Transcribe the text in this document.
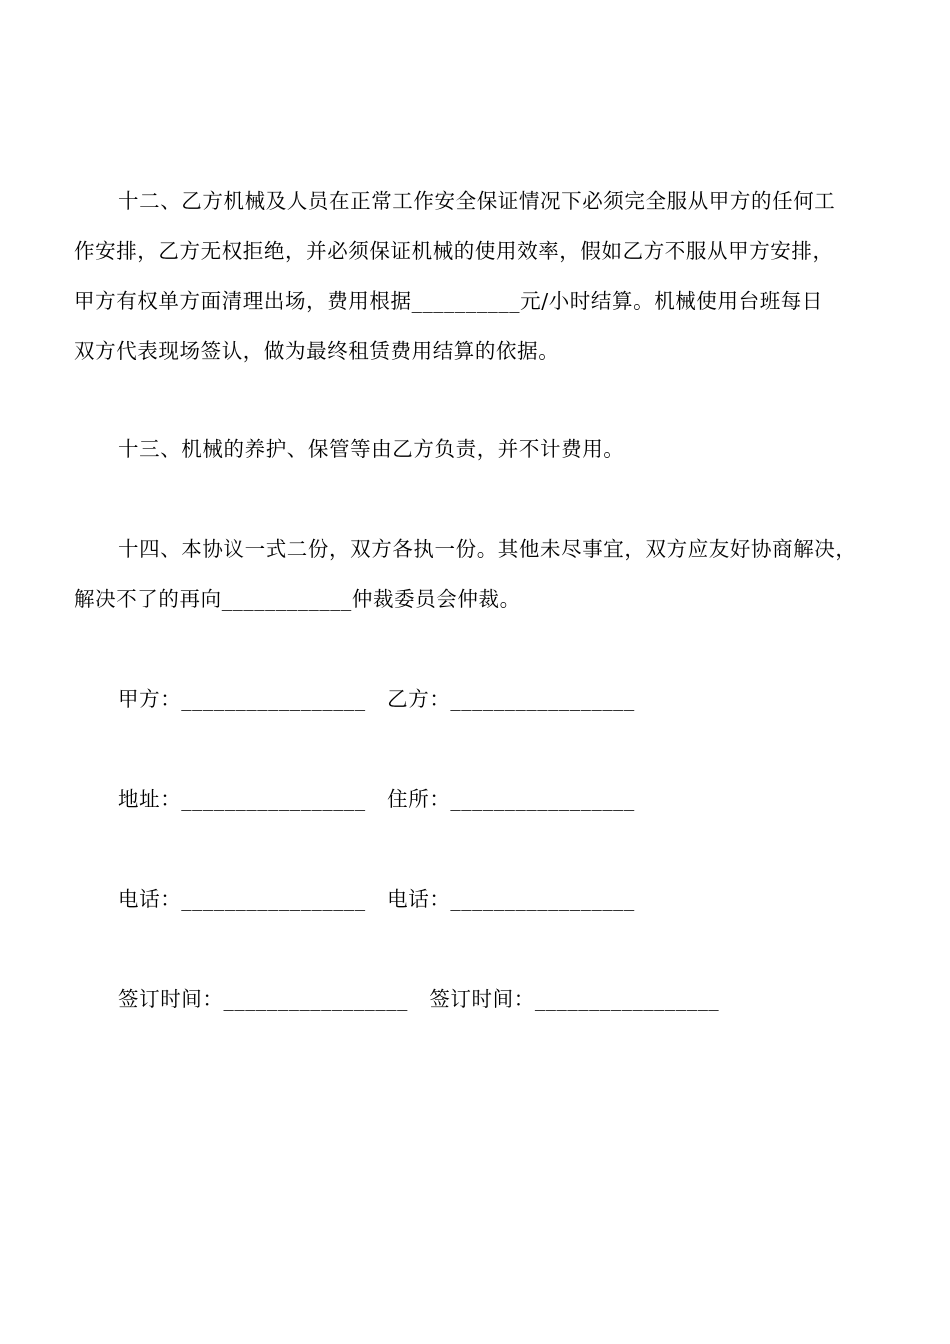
十二、乙方机械及人员在正常工作安全保证情况下必须完全服从甲方的任何工
作安排，乙方无权拒绝，并必须保证机械的使用效率，假如乙方不服从甲方安排，
甲方有权单方面清理出场，费用根据__________元/小时结算。机械使用台班每日
双方代表现场签认，做为最终租赁费用结算的依据。
十三、机械的养护、保管等由乙方负责，并不计费用。
十四、本协议一式二份，双方各执一份。其他未尽事宜，双方应友好协商解决，
解决不了的再向____________仲裁委员会仲裁。
甲方：_________________ 乙方：_________________
地址：_________________ 住所：_________________
电话：_________________ 电话：_________________
签订时间：_________________ 签订时间：_________________
